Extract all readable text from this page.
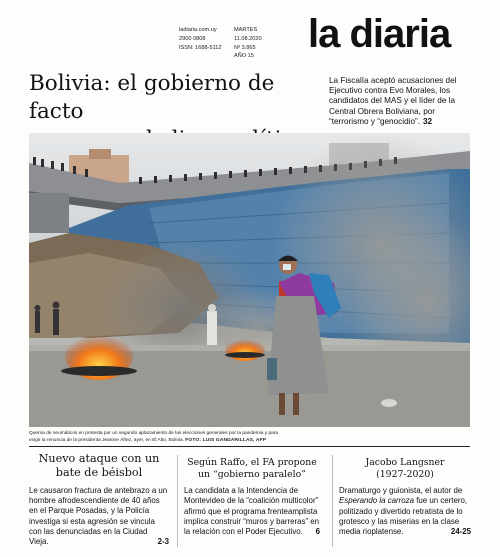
ladiaria.com.uy
2900 0808
ISSN: 1688-5112
MARTES
11.08.2020
Nº 3.865
AÑO 15
la diaria
Bolivia: el gobierno de facto
La Fiscalía aceptó acusaciones del Ejecutivo contra Evo Morales, los candidatos del MAS y el líder de la Central Obrera Boliviana, por “terrorismo y “genocidio”. 32
Quema de neumáticos en protesta por un segundo aplazamiento de las elecciones generales por la pandemia y para
exigir la renuncia de la presidenta Jeanine Áñez, ayer, en El Alto, Bolivia. FOTO: LUIS GANDARILLAS, AFP
Nuevo ataque con un
bate de béisbol
Le causaron fractura de antebrazo a un hombre afrodescendiente de 40 años en el Parque Posadas, y la Policía investiga si esta agresión se vincula con las denunciadas en la Ciudad Vieja.	2-3
Según Raffo, el FA propone
un “gobierno paralelo”
La candidata a la Intendencia de Montevideo de la “coalición multicolor” afirmó que el programa frenteamplista implica construir “muros y barreras” en la relación con el Poder Ejecutivo. 6
Jacobo Langsner
(1927-2020)
Dramaturgo y guionista, el autor de Esperando la carroza fue un certero, politizado y divertido retratista de lo grotesco y las miserias en la clase media rioplatense.	24-25
